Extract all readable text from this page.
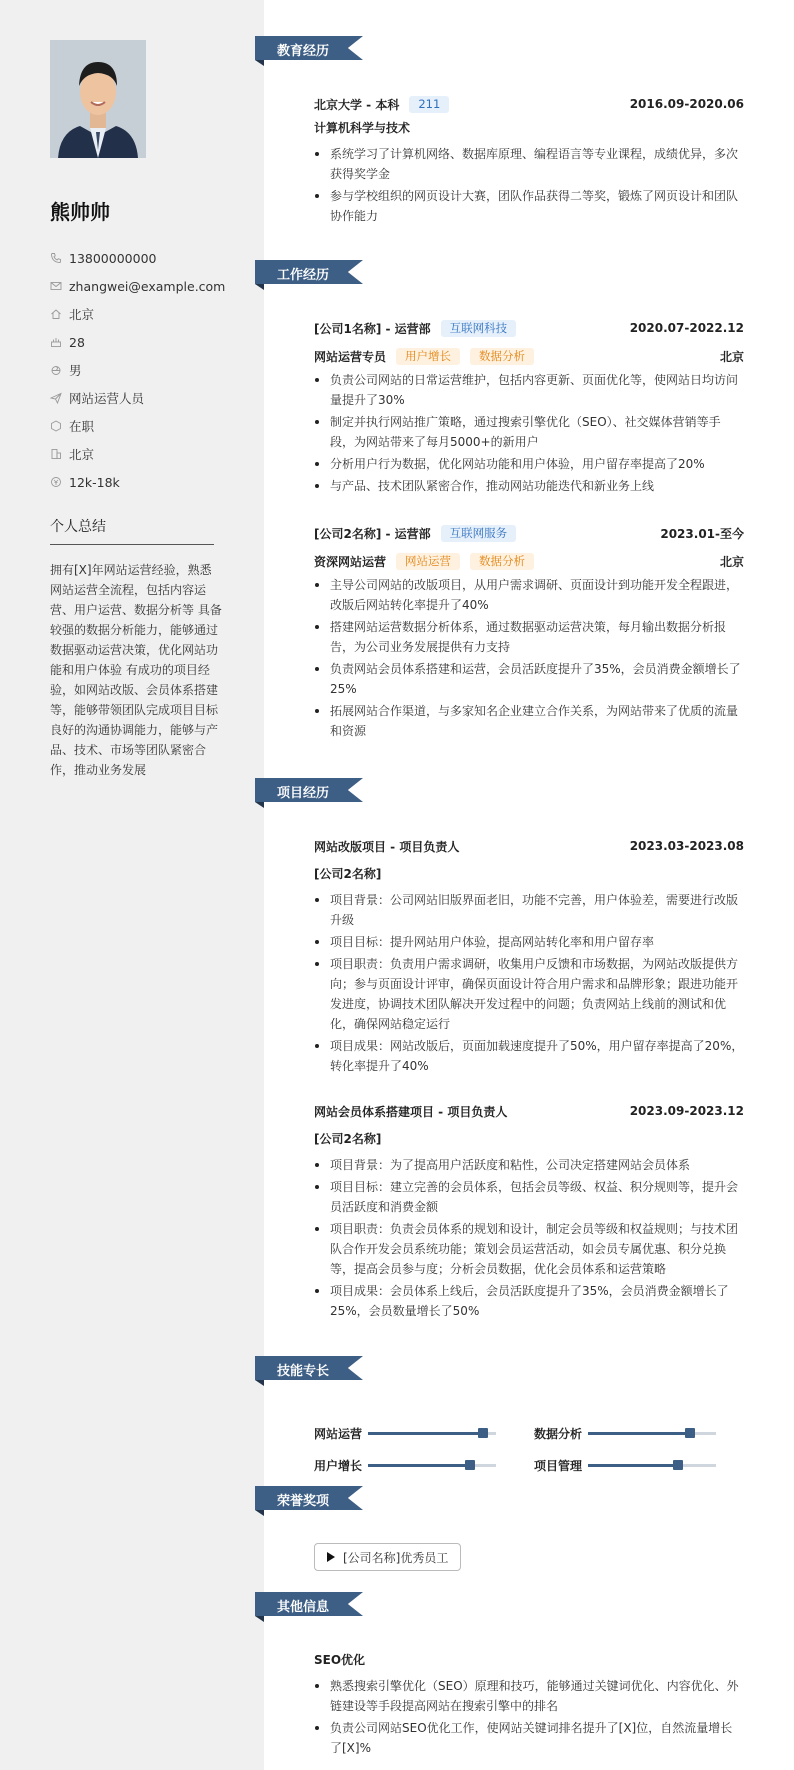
熊帅帅
13800000000
zhangwei@example.com
北京
28
男
网站运营人员
在职
北京
12k-18k
个人总结
拥有[X]年网站运营经验，熟悉网站运营全流程，包括内容运营、用户运营、数据分析等 具备较强的数据分析能力，能够通过数据驱动运营决策，优化网站功能和用户体验 有成功的项目经验，如网站改版、会员体系搭建等，能够带领团队完成项目目标 良好的沟通协调能力，能够与产品、技术、市场等团队紧密合作，推动业务发展
教育经历
北京大学 - 本科	211	2016.09-2020.06
计算机科学与技术
系统学习了计算机网络、数据库原理、编程语言等专业课程，成绩优异，多次获得奖学金
参与学校组织的网页设计大赛，团队作品获得二等奖，锻炼了网页设计和团队协作能力
工作经历
[公司1名称] - 运营部	互联网科技	2020.07-2022.12
网站运营专员	用户增长	数据分析	北京
负责公司网站的日常运营维护，包括内容更新、页面优化等，使网站日均访问量提升了30%
制定并执行网站推广策略，通过搜索引擎优化（SEO）、社交媒体营销等手段，为网站带来了每月5000+的新用户
分析用户行为数据，优化网站功能和用户体验，用户留存率提高了20%
与产品、技术团队紧密合作，推动网站功能迭代和新业务上线
[公司2名称] - 运营部	互联网服务	2023.01-至今
资深网站运营	网站运营	数据分析	北京
主导公司网站的改版项目，从用户需求调研、页面设计到功能开发全程跟进，改版后网站转化率提升了40%
搭建网站运营数据分析体系，通过数据驱动运营决策，每月输出数据分析报告，为公司业务发展提供有力支持
负责网站会员体系搭建和运营，会员活跃度提升了35%，会员消费金额增长了25%
拓展网站合作渠道，与多家知名企业建立合作关系，为网站带来了优质的流量和资源
项目经历
网站改版项目 - 项目负责人	2023.03-2023.08
[公司2名称]
项目背景：公司网站旧版界面老旧，功能不完善，用户体验差，需要进行改版升级
项目目标：提升网站用户体验，提高网站转化率和用户留存率
项目职责：负责用户需求调研，收集用户反馈和市场数据，为网站改版提供方向；参与页面设计评审，确保页面设计符合用户需求和品牌形象；跟进功能开发进度，协调技术团队解决开发过程中的问题；负责网站上线前的测试和优化，确保网站稳定运行
项目成果：网站改版后，页面加载速度提升了50%，用户留存率提高了20%，转化率提升了40%
网站会员体系搭建项目 - 项目负责人	2023.09-2023.12
[公司2名称]
项目背景：为了提高用户活跃度和粘性，公司决定搭建网站会员体系
项目目标：建立完善的会员体系，包括会员等级、权益、积分规则等，提升会员活跃度和消费金额
项目职责：负责会员体系的规划和设计，制定会员等级和权益规则；与技术团队合作开发会员系统功能；策划会员运营活动，如会员专属优惠、积分兑换等，提高会员参与度；分析会员数据，优化会员体系和运营策略
项目成果：会员体系上线后，会员活跃度提升了35%，会员消费金额增长了25%，会员数量增长了50%
技能专长
网站运营	数据分析
用户增长	项目管理
荣誉奖项
[公司名称]优秀员工
其他信息
SEO优化
熟悉搜索引擎优化（SEO）原理和技巧，能够通过关键词优化、内容优化、外链建设等手段提高网站在搜索引擎中的排名
负责公司网站SEO优化工作，使网站关键词排名提升了[X]位，自然流量增长了[X]%
